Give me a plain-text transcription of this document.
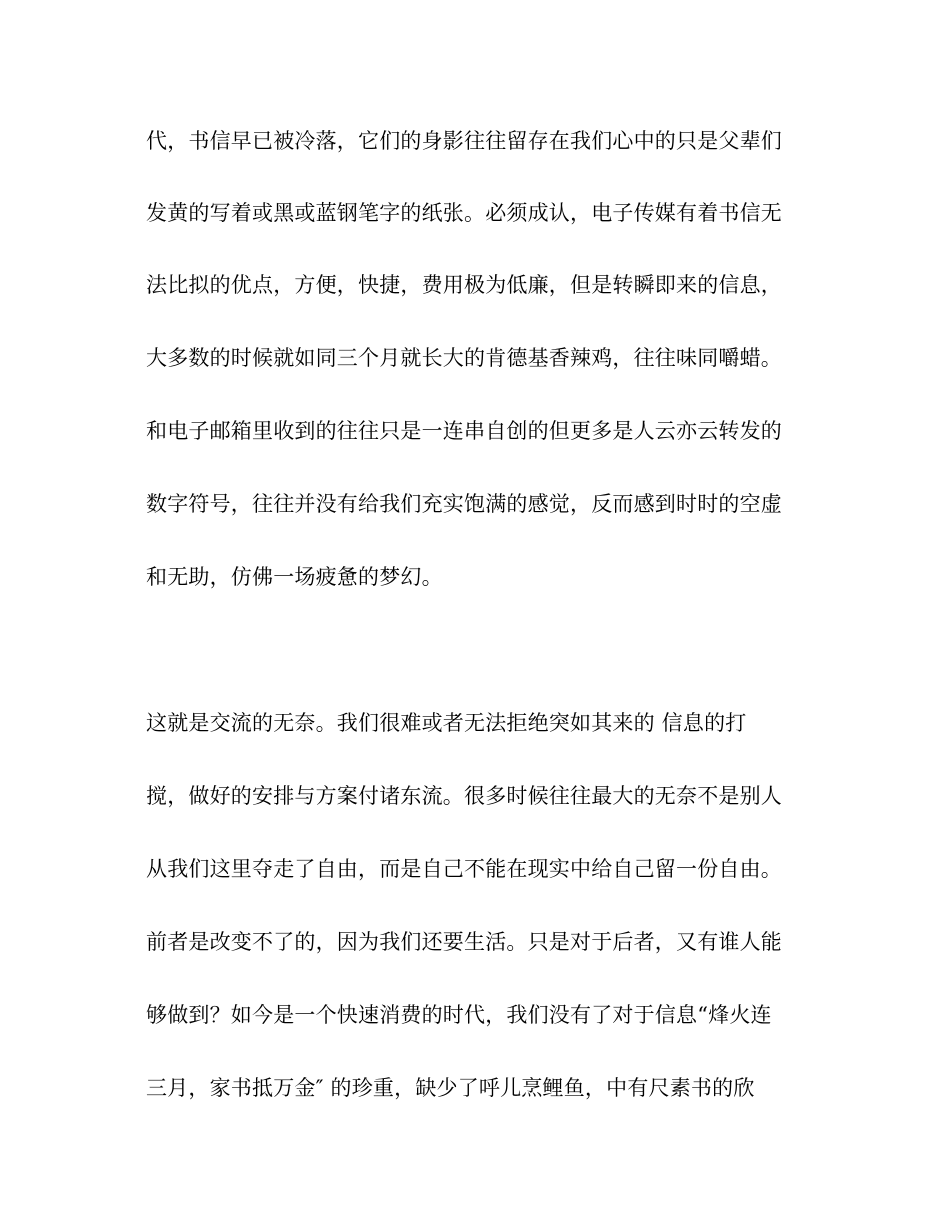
代，书信早已被冷落，它们的身影往往留存在我们心中的只是父辈们
发黄的写着或黑或蓝钢笔字的纸张。必须成认，电子传媒有着书信无
法比拟的优点，方便，快捷，费用极为低廉，但是转瞬即来的信息，
大多数的时候就如同三个月就长大的肯德基香辣鸡，往往味同嚼蜡。
和电子邮箱里收到的往往只是一连串自创的但更多是人云亦云转发的
数字符号，往往并没有给我们充实饱满的感觉，反而感到时时的空虚
和无助，仿佛一场疲惫的梦幻。
这就是交流的无奈。我们很难或者无法拒绝突如其来的 信息的打
搅，做好的安排与方案付诸东流。很多时候往往最大的无奈不是别人
从我们这里夺走了自由，而是自己不能在现实中给自己留一份自由。
前者是改变不了的，因为我们还要生活。只是对于后者，又有谁人能
够做到？如今是一个快速消费的时代，我们没有了对于信息“烽火连
三月，家书抵万金″ 的珍重，缺少了呼儿烹鲤鱼，中有尺素书的欣
